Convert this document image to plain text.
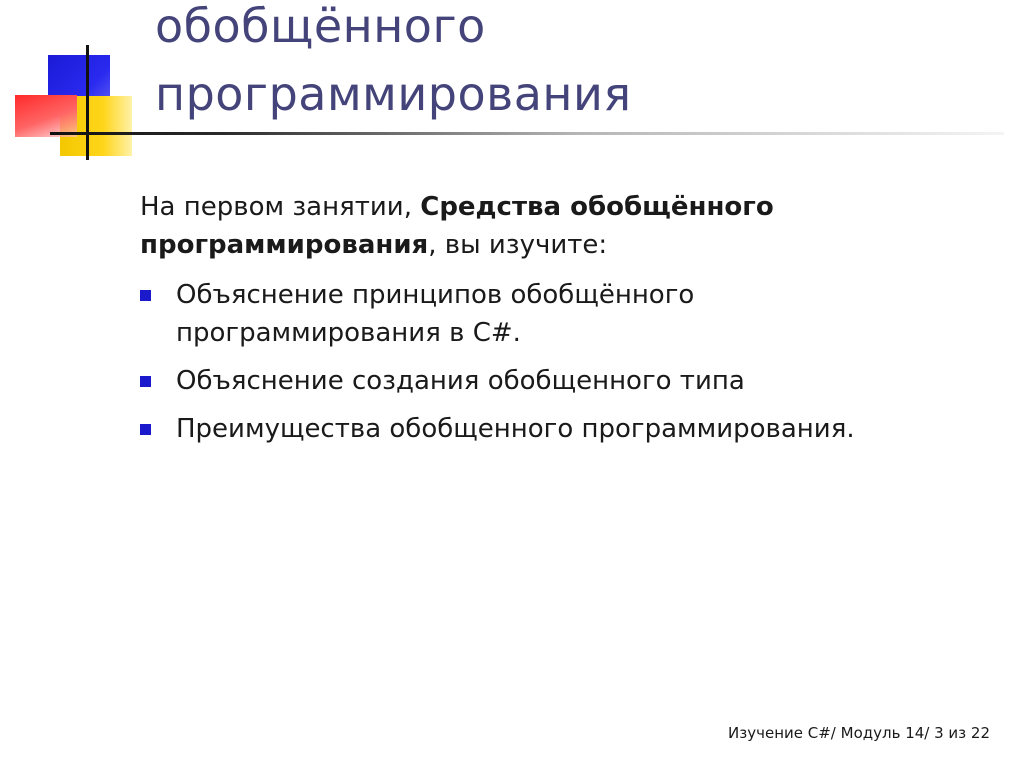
обобщённого
программирования

На первом занятии, Средства обобщённого программирования, вы изучите:

Объяснение принципов обобщённого программирования в C#.
Объяснение создания обобщенного типа
Преимущества обобщенного программирования.
Изучение C#/ Модуль 14/ 3 из 22
